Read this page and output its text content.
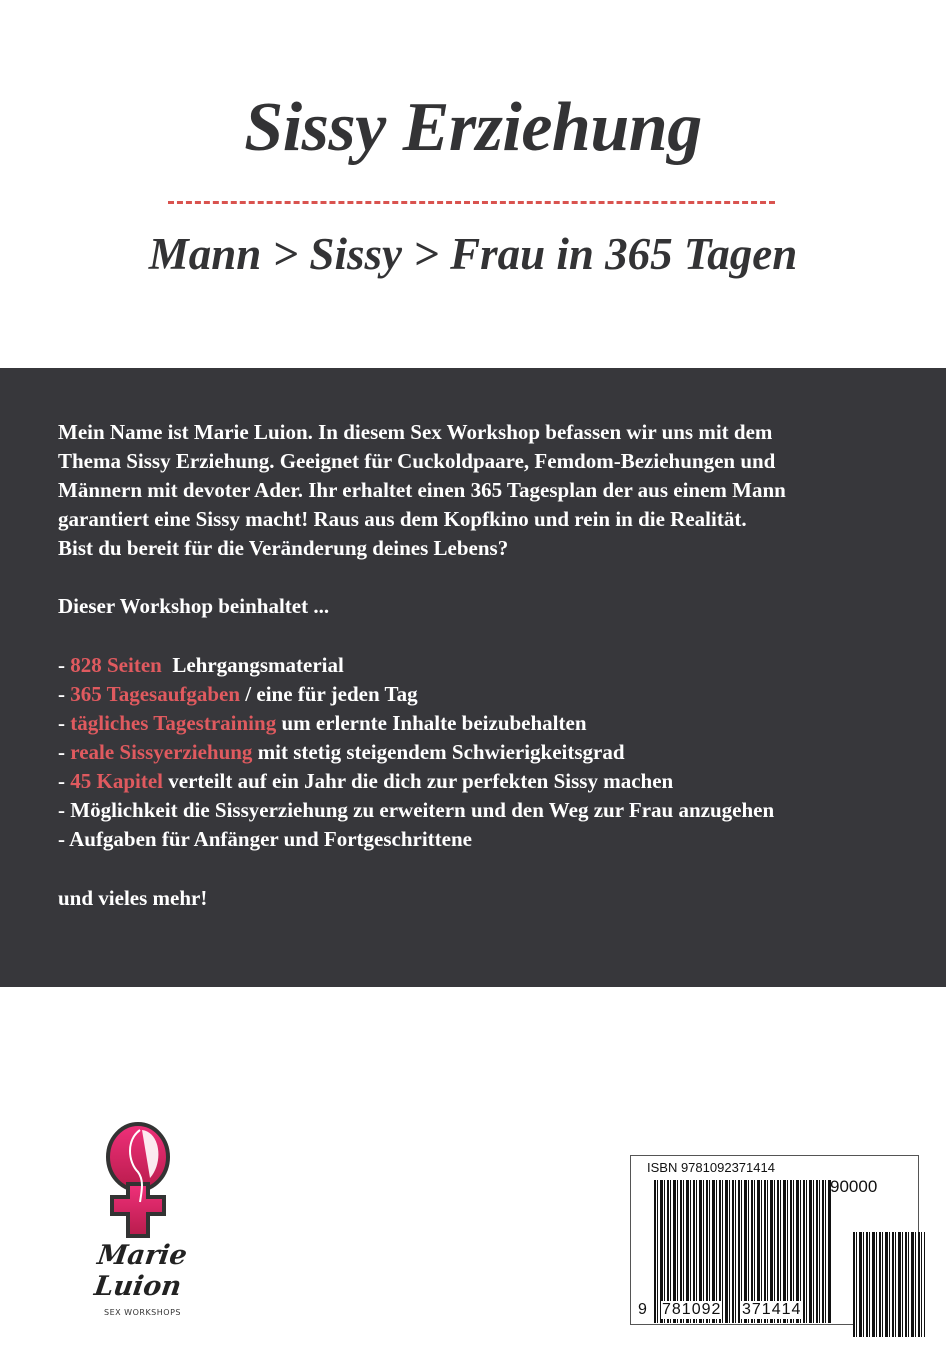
Sissy Erziehung
Mann > Sissy > Frau in 365 Tagen
Mein Name ist Marie Luion. In diesem Sex Workshop befassen wir uns mit dem
Thema Sissy Erziehung. Geeignet für Cuckoldpaare, Femdom-Beziehungen und
Männern mit devoter Ader. Ihr erhaltet einen 365 Tagesplan der aus einem Mann
garantiert eine Sissy macht! Raus aus dem Kopfkino und rein in die Realität.
Bist du bereit für die Veränderung deines Lebens?
Dieser Workshop beinhaltet ...
- 828 Seiten  Lehrgangsmaterial
- 365 Tagesaufgaben / eine für jeden Tag
- tägliches Tagestraining um erlernte Inhalte beizubehalten
- reale Sissyerziehung mit stetig steigendem Schwierigkeitsgrad
- 45 Kapitel verteilt auf ein Jahr die dich zur perfekten Sissy machen
- Möglichkeit die Sissyerziehung zu erweitern und den Weg zur Frau anzugehen
- Aufgaben für Anfänger und Fortgeschrittene
und vieles mehr!
Marie Luion
SEX WORKSHOPS
ISBN 9781092371414
9 781092 371414
90000
